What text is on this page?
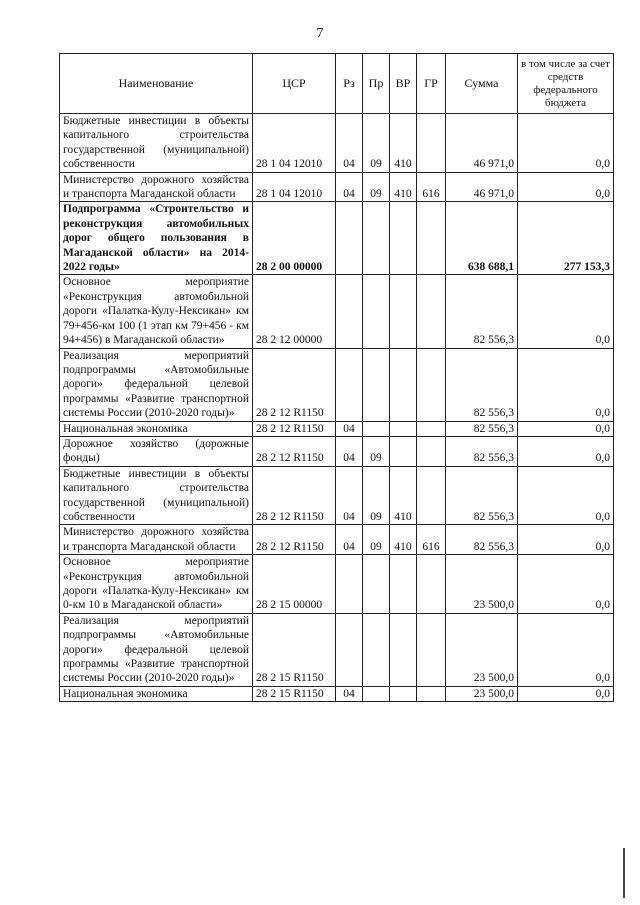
7
Наименование	ЦСР	Рз	Пр	ВР	ГР	Сумма	в том числе за счет средств федерального бюджета
Бюджетные инвестиции в объекты капитального строительства государственной (муниципальной) собственности	28 1 04 12010	04	09	410		46 971,0	0,0
Министерство дорожного хозяйства и транспорта Магаданской области	28 1 04 12010	04	09	410	616	46 971,0	0,0
Подпрограмма «Строительство и реконструкция автомобильных дорог общего пользования в Магаданской области» на 2014-2022 годы»	28 2 00 00000					638 688,1	277 153,3
Основное мероприятие «Реконструкция автомобильной дороги «Палатка-Кулу-Нексикан» км 79+456-км 100 (1 этап км 79+456 - км 94+456) в Магаданской области»	28 2 12 00000					82 556,3	0,0
Реализация мероприятий подпрограммы «Автомобильные дороги» федеральной целевой программы «Развитие транспортной системы России (2010-2020 годы)»	28 2 12 R1150					82 556,3	0,0
Национальная экономика	28 2 12 R1150	04				82 556,3	0,0
Дорожное хозяйство (дорожные фонды)	28 2 12 R1150	04	09			82 556,3	0,0
Бюджетные инвестиции в объекты капитального строительства государственной (муниципальной) собственности	28 2 12 R1150	04	09	410		82 556,3	0,0
Министерство дорожного хозяйства и транспорта Магаданской области	28 2 12 R1150	04	09	410	616	82 556,3	0,0
Основное мероприятие «Реконструкция автомобильной дороги «Палатка-Кулу-Нексикан» км 0-км 10 в Магаданской области»	28 2 15 00000					23 500,0	0,0
Реализация мероприятий подпрограммы «Автомобильные дороги» федеральной целевой программы «Развитие транспортной системы России (2010-2020 годы)»	28 2 15 R1150					23 500,0	0,0
Национальная экономика	28 2 15 R1150	04				23 500,0	0,0
